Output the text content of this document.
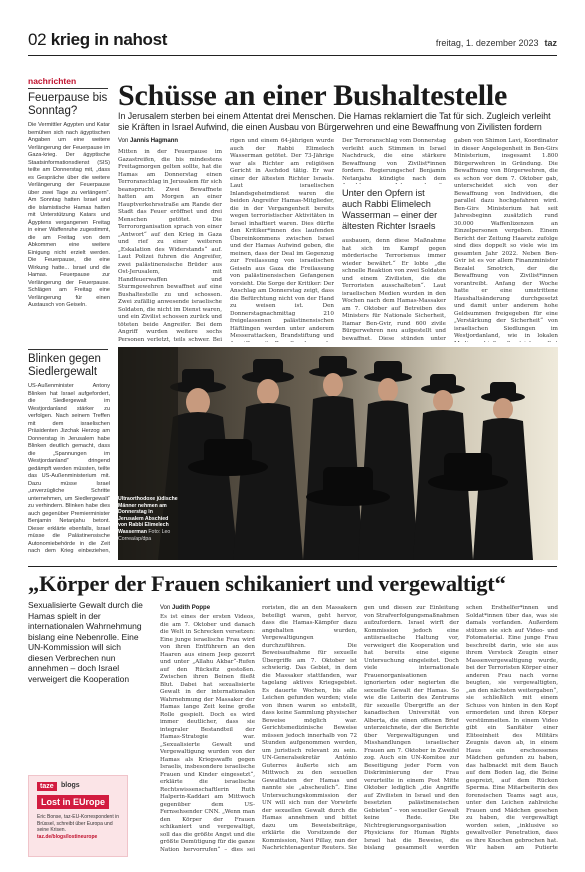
02 krieg in nahost	freitag, 1. dezember 2023 taz
nachrichten
Feuerpause bis Sonntag?
Die Vermittler Ägypten und Katar bemühen sich nach ägyptischen Angaben um eine weitere Verlängerung der Feuerpause im Gaza-krieg. Der ägyptische Staatsinformationsdienst (SIS) teilte am Donnerstag mit, „dass es Gespräche über die weitere Verlängerung der Feuerpause über zwei Tage zu verlängern“. Am Sonntag hatten Israel und die islamistische Hamas hatten mit Unterstützung Katars und Ägyptens vergangenen Freitag in einer Waffenruhe zugestimmt, die am Freitag von dem Abkommen eine weitere Einigung nicht erzielt werden. Die Feuerpause, die eine Wirkung hatte... Israel und die Hamas. Feuerpause zur Verlängerung der Feuerpause. Schlägen am Freitag eine Verlängerung für einen Austausch von Geiseln.
Blinken gegen Siedlergewalt
US-Außenminister Antony Blinken hat Israel aufgefordert, die Siedlergewalt im Westjordanland stärker zu verfolgen. Nach seinem Treffen mit dem israelischen Präsidenten Jizchak Herzog am Donnerstag in Jerusalem habe Blinken deutlich gemacht, dass die „Spannungen im Westjordanland“ dringend gedämpft werden müssten, teilte das US-Außenministerium mit. Dazu müsse Israel „unverzügliche Schritte unternehmen, um Siedlergewalt“ zu verhindern. Blinken habe dies auch gegenüber Premierminister Benjamin Netanjahu betont. Dieser erklärte ebenfalls, Israel müsse die Palästinensische Autonomiebehörde in die Zeit nach dem Krieg einbeziehen,
Schüsse an einer Bushaltestelle
In Jerusalem sterben bei einem Attentat drei Menschen. Die Hamas reklamiert die Tat für sich. Zugleich verleiht sie Kräften in Israel Aufwind, die einen Ausbau von Bürgerwehren und eine Bewaffnung von Zivilisten fordern
Von Jannis Hagmann
Mitten in der Feuerpause im Gazastreifen, die bis mindestens Freitagmorgen gelten sollte, hat die Hamas am Donnerstag einen Terroranschlag in Jerusalem für sich beansprucht. Zwei Bewaffnete hatten am Morgen an einer Hauptverkehrsstraße am Rande der Stadt das Feuer eröffnet und drei Menschen getötet. Die Terrororganisation sprach von einer „Antwort“ auf den Krieg in Gaza und rief zu einer weiteren „Eskalation des Widerstands“ auf. Laut Polizei fuhren die Angreifer, zwei palästinensische Brüder aus Ost-Jerusalem, mit Handfeuerwaffen und Sturmgewehren bewaffnet auf eine Bushaltestelle zu und schossen. Zwei zufällig anwesende israelische Soldaten, die nicht im Dienst waren, und ein Zivilist schossen zurück und töteten beide Angreifer. Bei dem Angriff wurden weitere sechs Personen verletzt, teils schwer. Bei
rigen und einem 64-jährigen wurde auch der Rabbi Elimelech Wasserman getötet. Der 73-Jährige war als Richter am religiösen Gericht in Aschdod tätig. Er war einer der ältesten Richter Israels. Laut israelischen Inlandsgeheimdienst waren die beiden Angreifer Hamas-Mitglieder, die in der Vergangenheit bereits wegen terroristischer Aktivitäten in Israel inhaftiert waren. Dies dürfte den Kritiker*innen des laufenden Übereinkommens zwischen Israel und der Hamas Aufwind geben, die meinen, dass der Deal im Gegenzug zur Freilassung von israelischen Geiseln aus Gaza die Freilassung von palästinensischen Gefangenen vorsieht. Die Sorge der Kritiker: Der Anschlag am Donnerstag zeigt, dass die Befürchtung nicht von der Hand zu weisen ist. Den Donnerstagnachmittag 210 freigelassenen palästinensischen Häftlingen werden unter anderem Messerattacken, Brandstiftung und
Der Terroranschlag vom Donnerstag verleiht auch Stimmen in Israel Nachdruck, die eine stärkere Bewaffnung von Zivilist*innen fordern. Regierungschef Benjamin Netanjahu kündigte nach dem
Unter den Opfern ist auch Rabbi Elimelech Wasserman – einer der ältesten Richter Israels
ausbauen, denn diese Maßnahme hat sich im Kampf gegen mörderische Terrorismus immer wieder bewährt.“ Er lobte „die schnelle Reaktion von zwei Soldaten und einem Zivilisten, die die Terroristen ausschalteten“. Laut israelischen Medien wurden in den Wochen nach dem Hamas-Massaker am 7. Oktober auf Betreiben des Ministers für Nationale Sicherheit, Itamar Ben-Gvir, rund 600 zivile Bürgerwehren neu aufgestellt und bewaffnet. Diese stünden unter
gaben von Shimon Lavi, Koordinator in dieser Angelegenheit in Ben-Girs Ministerium, insgesamt 1.800 Bürgerwehren in Gründung. Die Bewaffnung von Bürgerwehren, die es schon vor dem 7. Oktober gab, unterscheidet sich von der Bewaffnung von Individuen, die parallel dazu hochgefahren wird. Ben-Girs Ministerium hat seit Jahresbeginn zusätzlich rund 30.000 Waffenlizenzen an Einzelpersonen vergeben. Einem Bericht der Zeitung Haaretz zufolge sind dies doppelt so viele wie im gesamten Jahr 2022. Neben Ben-Gvir ist es vor allem Finanzminister Bezalel Smotrich, der die Bewaffnung von Zivilist*innen vorantreibt. Anfang der Woche hatte er eine umstrittene Haushaltsänderung durchgesetzt und damit unter anderem hohe Geldsummen freigegeben für eine „Verstärkung der Sicherheit“ von israelischen Siedlungen im Westjordanland, wie in lokalen
Ultraorthodoxe jüdische Männer nehmen am Donnerstag in Jerusalem Abschied von Rabbi Elimelech Wasserman Foto: Leo Correa/ap/dpa
„Körper der Frauen schikaniert und vergewaltigt“
Sexualisierte Gewalt durch die Hamas spielt in der internationalen Wahrnehmung bislang eine Nebenrolle. Eine UN-Kommission will sich diesen Verbrechen nun annehmen – doch Israel verweigert die Kooperation
Von Judith Poppe
Es ist eines der ersten Videos, die am 7. Oktober und danach die Welt in Schrecken versetzen: Eine junge israelische Frau wird von ihren Entführern an den Haaren aus einem Jeep gezerrt und unter „Allahu Akbar“-Rufen auf den Rücksitz gestoßen. Zwischen ihren Beinen fließt Blut. Dabei hat sexualisierte Gewalt in der internationalen Wahrnehmung der Massaker der Hamas lange Zeit keine große Rolle gespielt. Doch es wird immer deutlicher, dass sie integraler Bestandteil der Hamas-Strategie war. „Sexualisierte Gewalt und Vergewaltigung wurden von der Hamas als Kriegswaffe gegen Israelis, insbesondere israelische Frauen und Kinder eingesetzt“, erklärte die israelische Rechtswissenschaftlerin Ruth Halperin-Kaddari am Mittwoch gegenüber dem US-Fernsehsender CNN. „Wenn man den Körper der Frauen schikaniert und vergewaltigt, soll das die größte Angst und die größte Demütigung für die ganze Nation hervorrufen“ – dies sei
roristen, die an den Massakern beteiligt waren, geht hervor, dass die Hamas-Kämpfer dazu angehalten wurden, Vergewaltigungen durchzuführen. Die Beweisaufnahme für sexuelle Übergriffe am 7. Oktober ist schwierig. Das Gebiet, in dem die Massaker stattfanden, war tagelang aktives Kriegsgebiet. Es dauerte Wochen, bis alle Leichen gefunden wurden; viele von ihnen waren so entstellt, dass keine Sammlung physischer Beweise möglich war. Gerichtsmedizinische Beweise müssen jedoch innerhalb von 72 Stunden aufgenommen werden, um juristisch relevant zu sein. UN-Generalsekretär António Guterres äußerte sich am Mittwoch zu den sexuellen Gewalttaten der Hamas und nannte sie „abscheulich“. Eine Untersuchungskommission der UN will sich nun der Vorwürfe der sexuellen Gewalt durch die Hamas annehmen und bittet dazu um Beweisbeiträge, erklärte die Vorsitzende der Kommission, Navi Pillay, nun der Nachrichtenagentur Reuters. Sie
gen und diesen zur Einleitung von Strafverfolgungsmaßnahmen aufzufordern. Israel wirft der Kommission jedoch eine antiisraelische Haltung vor, verweigert die Kooperation und hat bereits eine eigene Untersuchung eingeleitet. Doch viele internationale Frauenorganisationen ignorierten oder negierten die sexuelle Gewalt der Hamas. So wie die Leiterin des Zentrums für sexuelle Übergriffe an der kanadischen Universität von Alberta, die einen offenen Brief unterzeichnete, der die Berichte über Vergewaltigungen und Misshandlungen israelischer Frauen am 7. Oktober in Zweifel zog. Auch ein UN-Komitee zur Beseitigung jeder Form von Diskriminierung der Frau verurteilte in einem Post Mitte Oktober lediglich „die Angriffe auf Zivilisten in Israel und den besetzten palästinensischen Gebieten“ – von sexueller Gewalt keine Rede. Die Nichtregierungsorganisation Physicians for Human Rights Israel hat die Beweise, die bislang gesammelt werden
schen Ersthelfer*innen und Soldat*innen über das, was sie damals vorfanden. Außerdem stützen sie sich auf Video- und Fotomaterial. Eine junge Frau beschreibt darin, wie sie aus ihrem Versteck Zeugin einer Massenvergewaltigung wurde, bei der Terroristen Körper einer anderen Frau nach vorne beugten, sie vergewaltigten, „an den nächsten weitergaben“, sie schließlich mit einem Schuss von hinten in den Kopf ermordeten und ihren Körper verstümmelten. In einem Video gibt ein Sanitäter einer Eliteeinheit des Militärs Zeugnis davon ab, in einem Haus ein erschossenes Mädchen gefunden zu haben, das halbnackt mit dem Bauch auf dem Boden lag, die Beine gespreizt, auf dem Rücken Sperma. Eine Mitarbeiterin des forensischen Teams sagt aus, unter den Leichen zahlreiche Frauen und Mädchen gesehen zu haben, die vergewaltigt worden seien, „inklusive so gewaltvoller Penetration, dass es ihre Knochen gebrochen hat. Wir haben am Putierte
taze	blogs
Lost in EUrope
Eric Bonse, taz-EU-Korrespondent in Brüssel, schreibt über Europa und seine Krisen. taz.de/blogs/lostineurope
